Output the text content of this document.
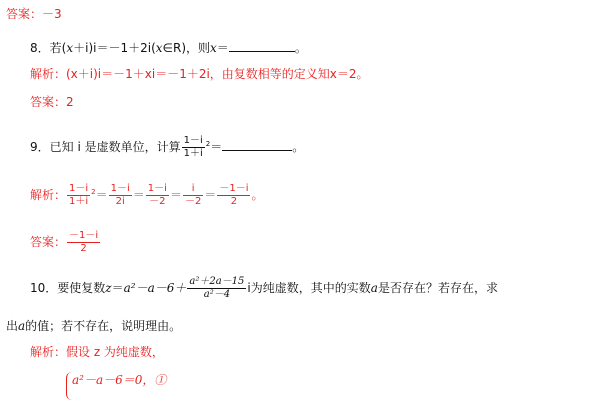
答案：－3
8．若(x＋i)i＝－1＋2i(x∈R)，则x＝	。
解析：(x＋i)i＝－1＋xi＝－1＋2i，由复数相等的定义知x＝2。
答案：2
9．已知 i 是虚数单位，计算 $\frac{1-i}{1+i} ^2=$	。
解析： $\frac{1-i}{1+i} ^2= \frac{1-i}{2i} = \frac{1-i}{-2} = \frac{i}{-2} = \frac{-1-i}{2}$ 。
答案： $\frac{-1-i}{2}$
10．要使复数$z=a^2-a-6+ \frac{\text{a²＋2a－15}}{\text{a²－4}}$ i为纯虚数，其中的实数a是否存在？若存在，求
出a的值；若不存在，说明理由。
解析：假设 z 为纯虚数，
a²－a－6＝0，①
